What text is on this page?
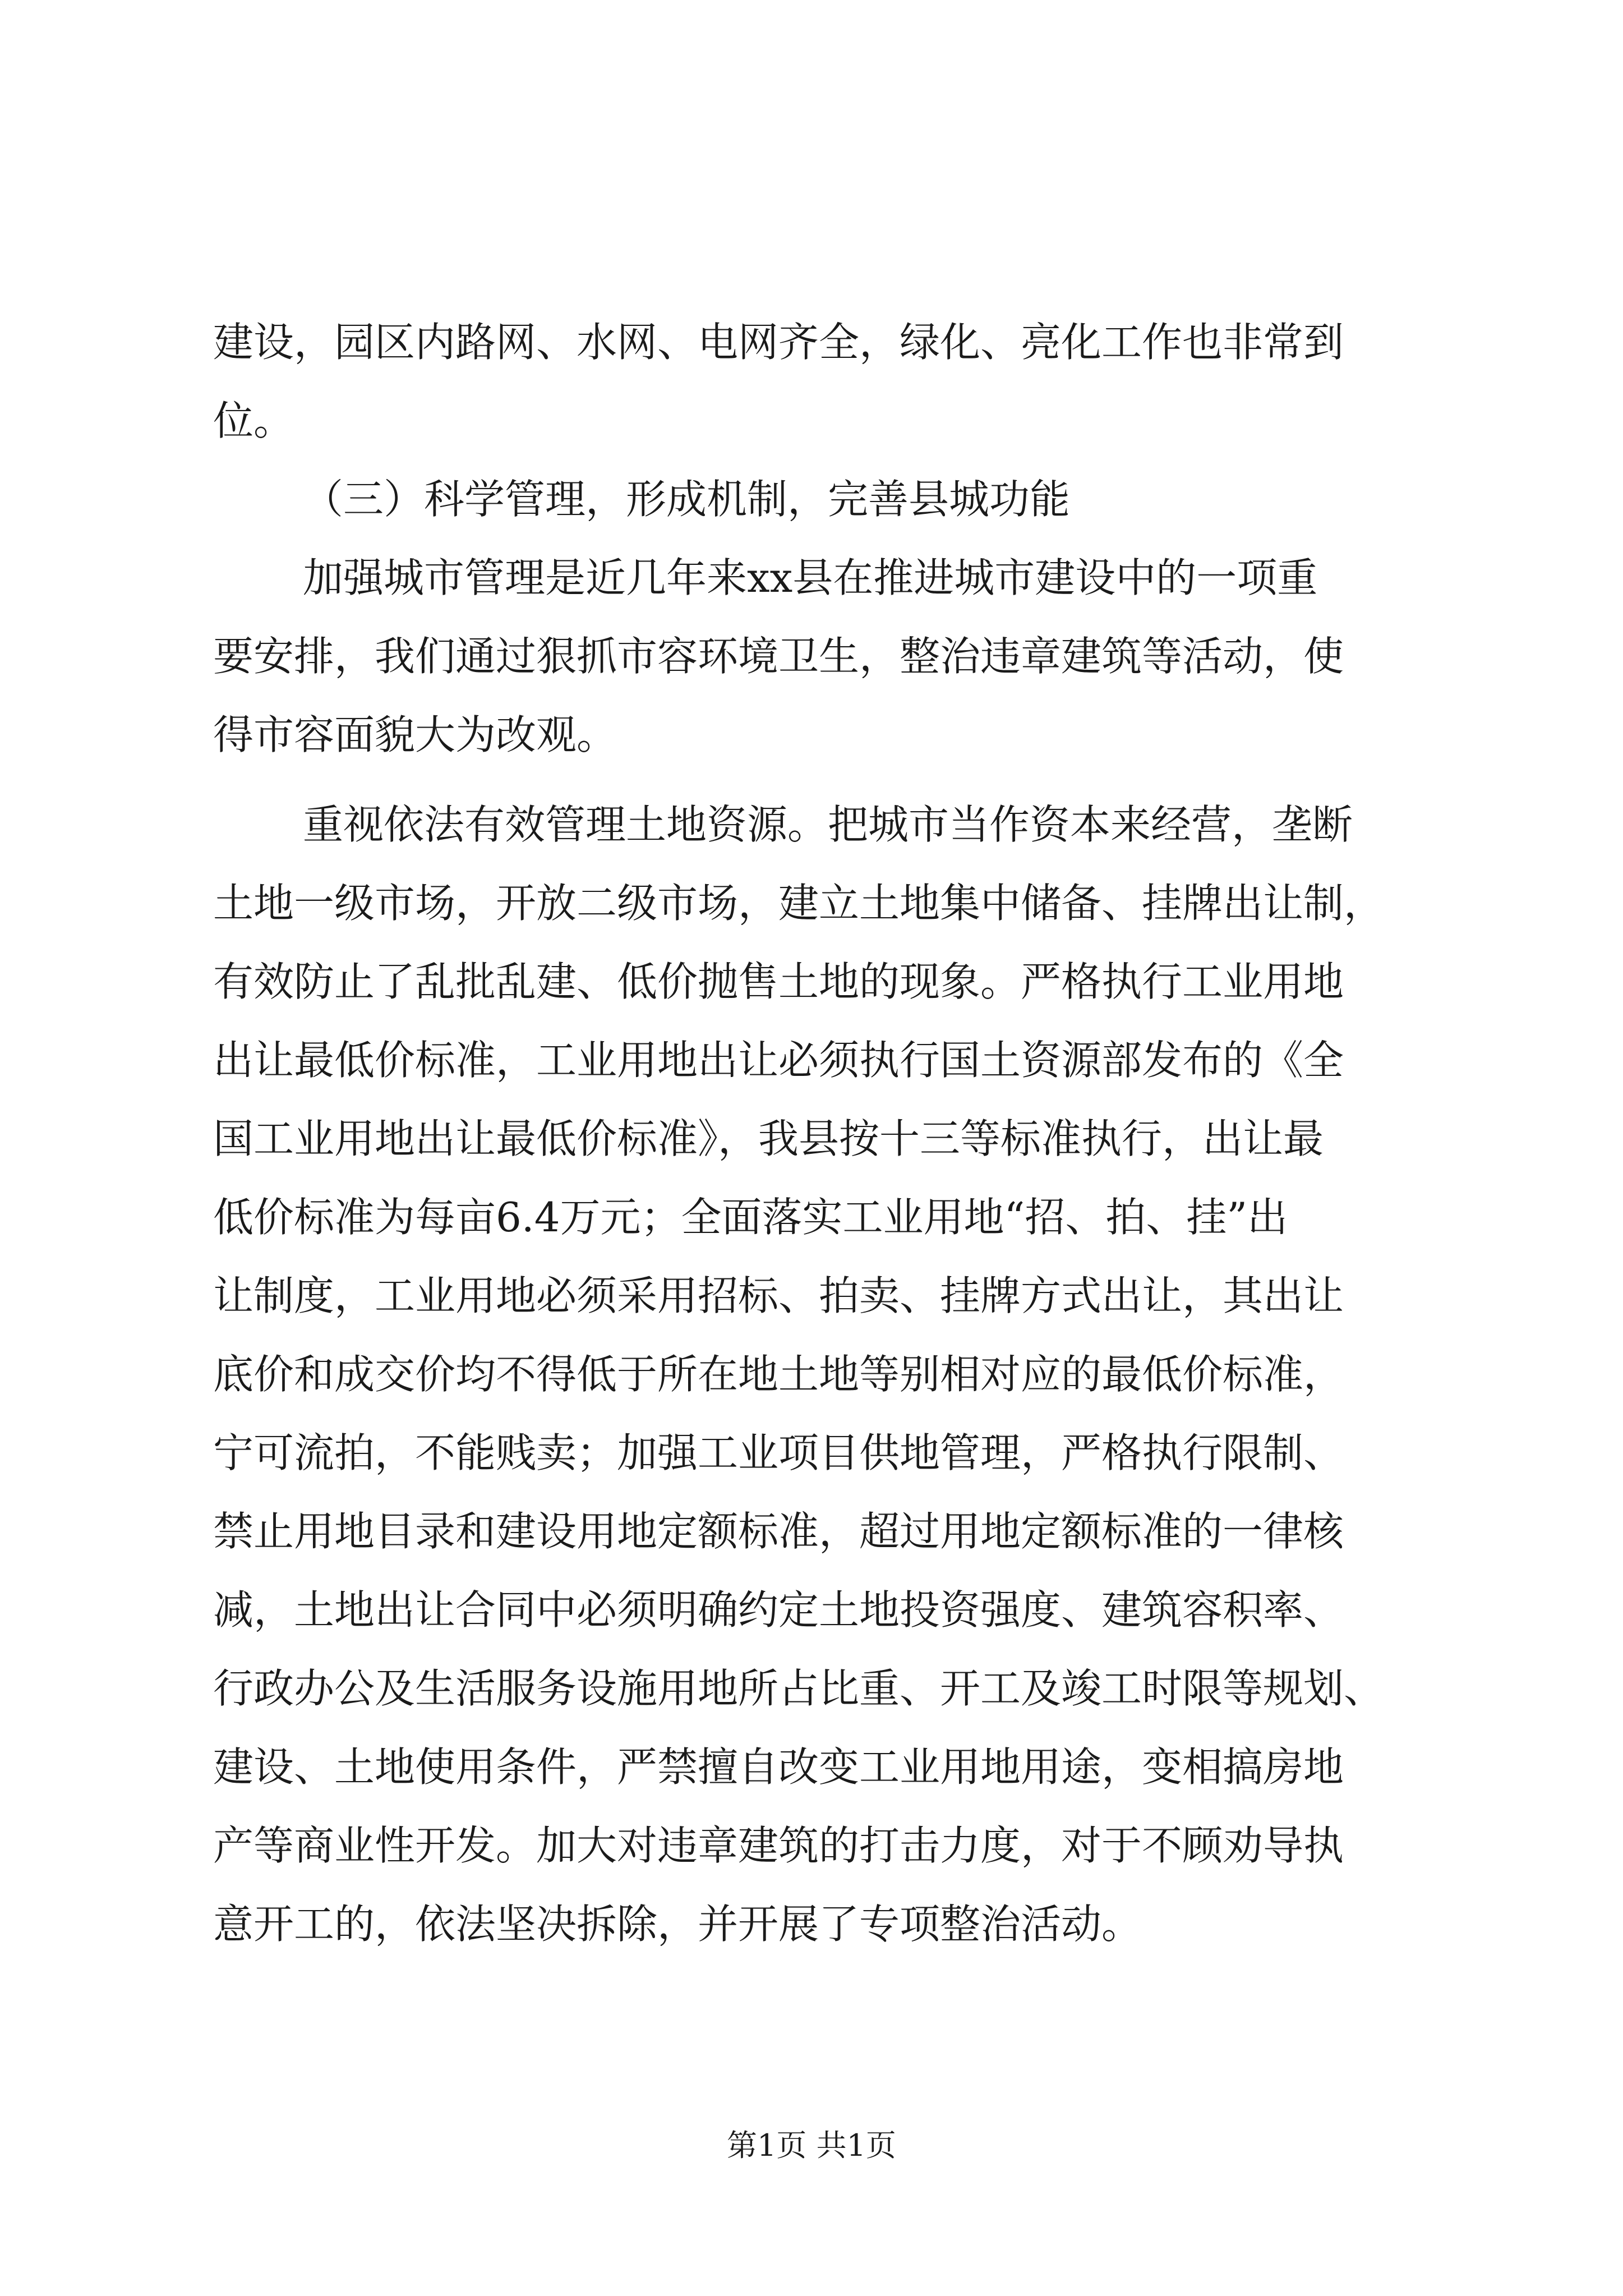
建设，园区内路网、水网、电网齐全，绿化、亮化工作也非常到
位。
（三）科学管理，形成机制，完善县城功能
加强城市管理是近几年来xx县在推进城市建设中的一项重
要安排，我们通过狠抓市容环境卫生，整治违章建筑等活动，使
得市容面貌大为改观。
重视依法有效管理土地资源。把城市当作资本来经营，垄断
土地一级市场，开放二级市场，建立土地集中储备、挂牌出让制，
有效防止了乱批乱建、低价抛售土地的现象。严格执行工业用地
出让最低价标准，工业用地出让必须执行国土资源部发布的《全
国工业用地出让最低价标准》，我县按十三等标准执行，出让最
低价标准为每亩6.4万元；全面落实工业用地“招、拍、挂”出
让制度，工业用地必须采用招标、拍卖、挂牌方式出让，其出让
底价和成交价均不得低于所在地土地等别相对应的最低价标准，
宁可流拍，不能贱卖；加强工业项目供地管理，严格执行限制、
禁止用地目录和建设用地定额标准，超过用地定额标准的一律核
减，土地出让合同中必须明确约定土地投资强度、建筑容积率、
行政办公及生活服务设施用地所占比重、开工及竣工时限等规划、
建设、土地使用条件，严禁擅自改变工业用地用途，变相搞房地
产等商业性开发。加大对违章建筑的打击力度，对于不顾劝导执
意开工的，依法坚决拆除，并开展了专项整治活动。
第1页 共1页
